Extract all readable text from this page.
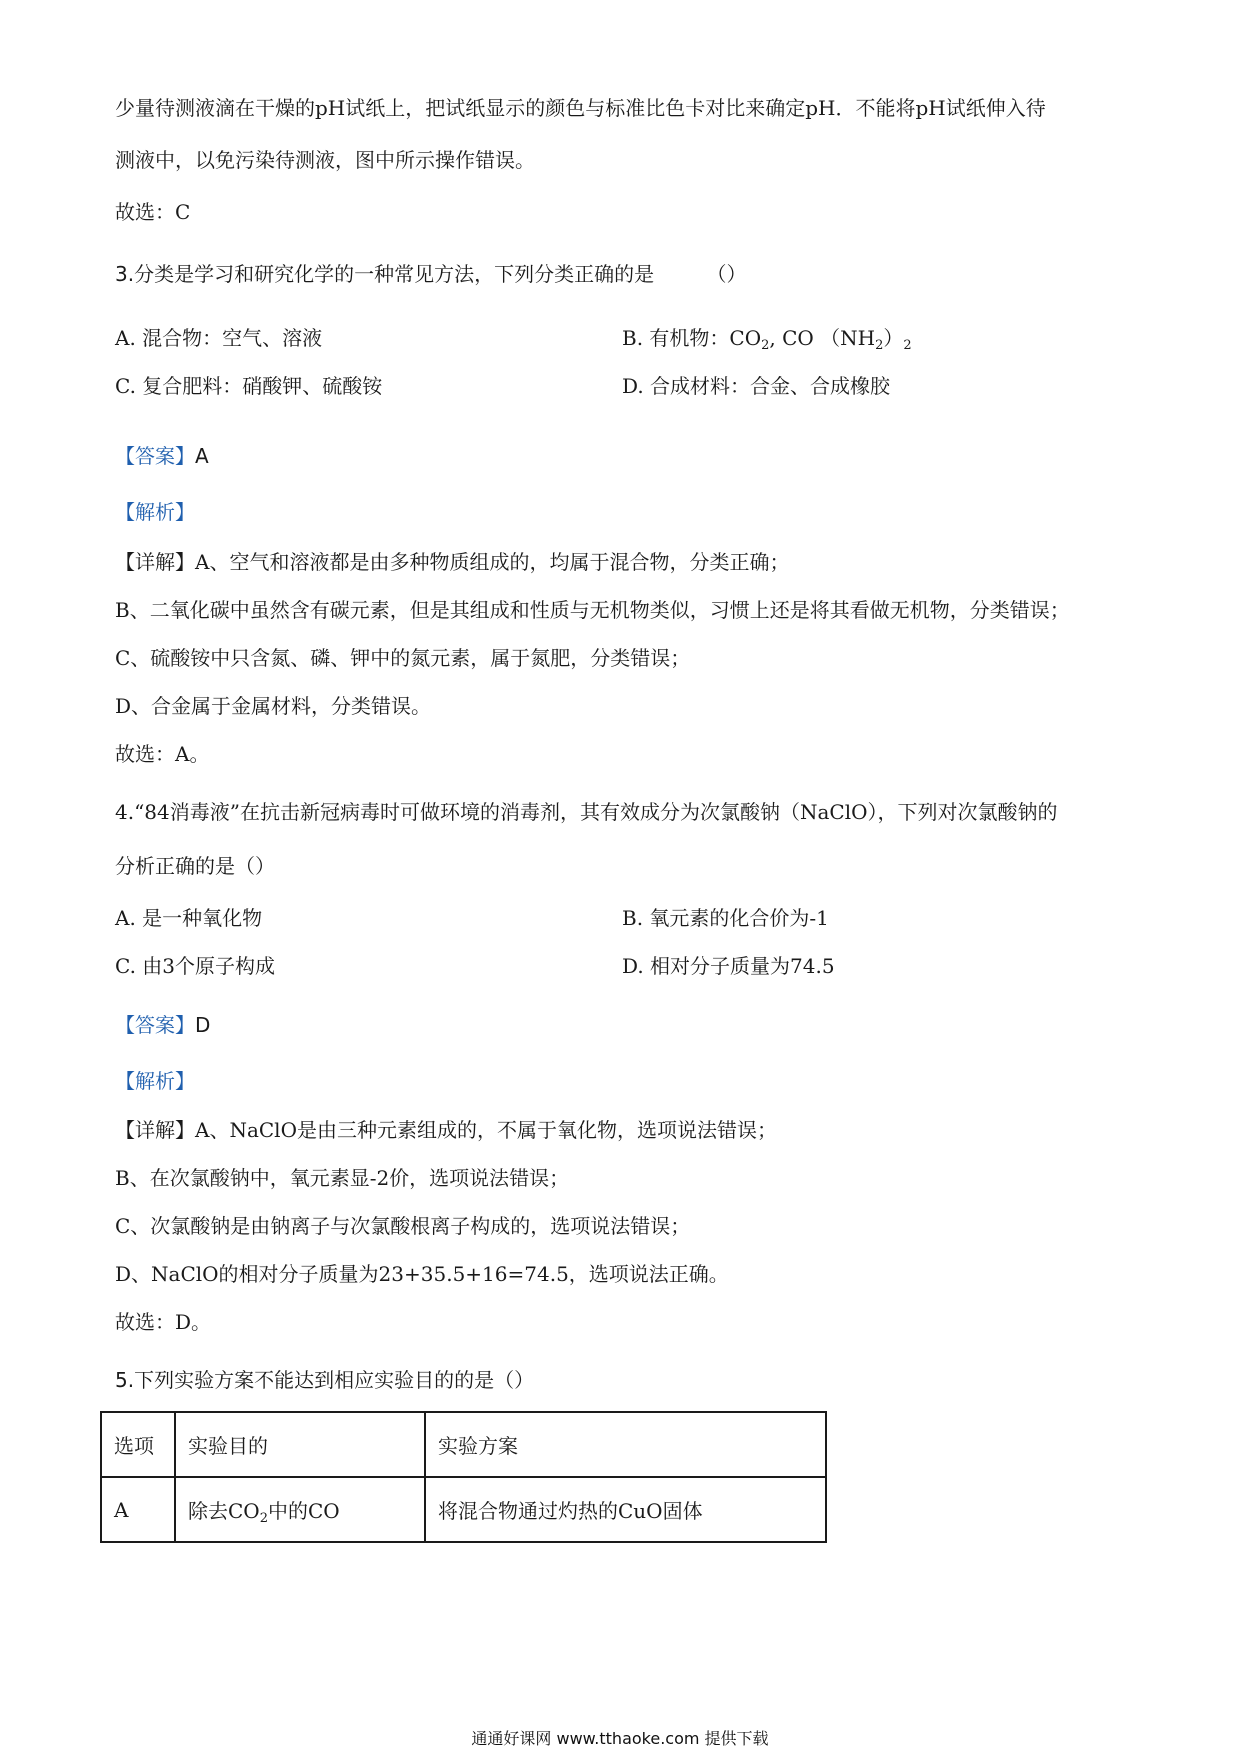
少量待测液滴在干燥的pH试纸上，把试纸显示的颜色与标准比色卡对比来确定pH．不能将pH试纸伸入待

测液中，以免污染待测液，图中所示操作错误。

故选：C

3.分类是学习和研究化学的一种常见方法，下列分类正确的是	（）

A. 混合物：空气、溶液	B. 有机物：$CO_2$, CO $(NH_2)_2$

C. 复合肥料：硝酸钾、硫酸铵	D. 合成材料：合金、合成橡胶

【答案】A

【解析】

【详解】A、空气和溶液都是由多种物质组成的，均属于混合物，分类正确；

B、二氧化碳中虽然含有碳元素，但是其组成和性质与无机物类似，习惯上还是将其看做无机物，分类错误；

C、硫酸铵中只含氮、磷、钾中的氮元素，属于氮肥，分类错误；

D、合金属于金属材料，分类错误。

故选：A。

4.“84消毒液”在抗击新冠病毒时可做环境的消毒剂，其有效成分为次氯酸钠（NaClO），下列对次氯酸钠的

分析正确的是（）

A. 是一种氧化物	B. 氧元素的化合价为-1

C. 由3个原子构成	D. 相对分子质量为74.5

【答案】D

【解析】

【详解】A、NaClO是由三种元素组成的，不属于氧化物，选项说法错误；

B、在次氯酸钠中，氧元素显-2价，选项说法错误；

C、次氯酸钠是由钠离子与次氯酸根离子构成的，选项说法错误；

D、NaClO的相对分子质量为23+35.5+16=74.5，选项说法正确。

故选：D。

5.下列实验方案不能达到相应实验目的的是（）

选项	实验目的	实验方案
A	除去$CO_2$中的CO	将混合物通过灼热的CuO固体
通通好课网 www.tthaoke.com 提供下载
